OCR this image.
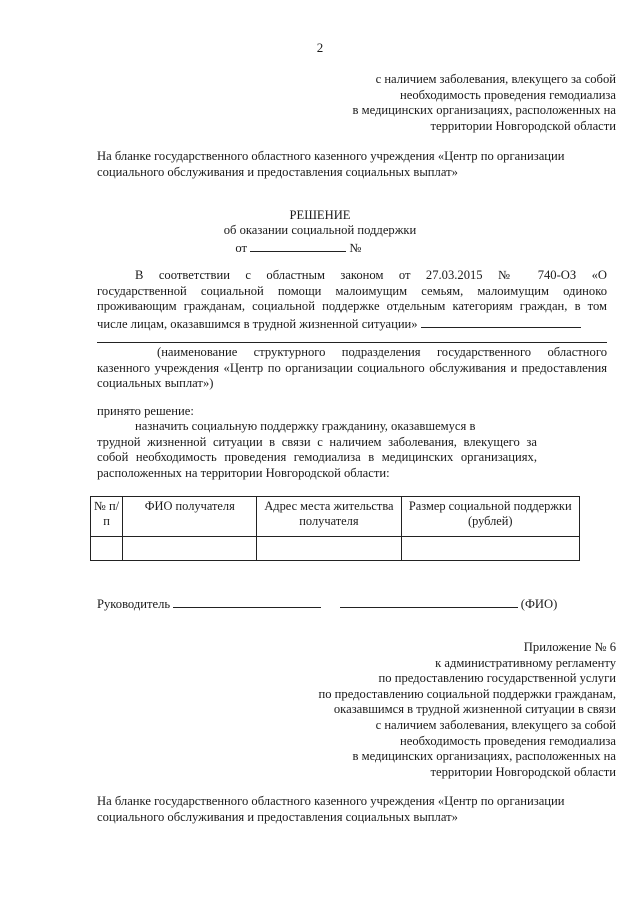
2
с наличием заболевания, влекущего за собой
необходимость проведения гемодиализа
в медицинских организациях, расположенных на
территории Новгородской области
На бланке государственного областного казенного учреждения «Центр по организации
социального обслуживания и предоставления социальных выплат»
РЕШЕНИЕ
об оказании социальной поддержки
от	№
В соответствии с областным законом от 27.03.2015 № 740-ОЗ «О
государственной социальной помощи малоимущим семьям, малоимущим одиноко
проживающим гражданам, социальной поддержке отдельным категориям граждан, в том
числе лицам, оказавшимся в трудной жизненной ситуации»
(наименование структурного подразделения государственного областного
казенного учреждения «Центр по организации социального обслуживания и предоставления
социальных выплат»)
принято решение:
назначить социальную поддержку гражданину, оказавшемуся в
трудной жизненной ситуации в связи с наличием заболевания, влекущего за
собой необходимость проведения гемодиализа в медицинских организациях,
расположенных на территории Новгородской области:
№ п/п	ФИО получателя	Адрес места жительства получателя	Размер социальной поддержки (рублей)

Руководитель	(ФИО)
Приложение № 6
к административному регламенту
по предоставлению государственной услуги
по предоставлению социальной поддержки гражданам,
оказавшимся в трудной жизненной ситуации в связи
с наличием заболевания, влекущего за собой
необходимость проведения гемодиализа
в медицинских организациях, расположенных на
территории Новгородской области
На бланке государственного областного казенного учреждения «Центр по организации
социального обслуживания и предоставления социальных выплат»
